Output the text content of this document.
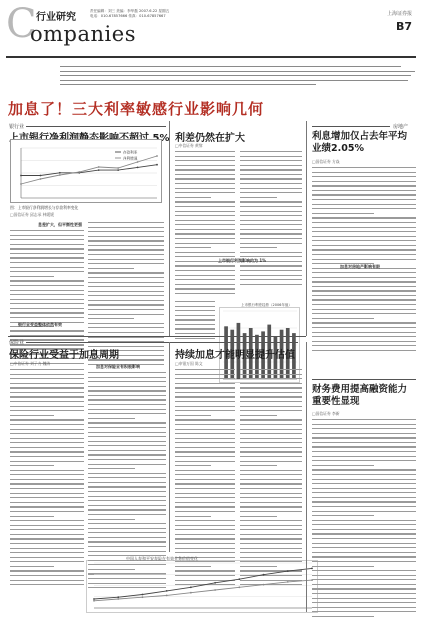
C 行业研究
ompanies
责任编辑：刘三 美编：李华磊 2007.6.22 星期五
电话：010-67857666 传真：010-67857667	上海证券报
B7
加息了！三大利率敏感行业影响几何
银行业
存款利率
净利增速
图：上市银行净利润增长与存款利率变化
□国信证券 邱志承 林媛媛
息差扩大，但平衡性更强
银行业受益整体依然有效
利差仍然在扩大
□中信证券 黄黎
上市银行利润影响约为 1%
上市银行利差趋势（2006年值）
房地产
利息增加仅占去年平均业绩2.05%
□国信证券 方焱
加息对房地产影响有限
保险业
保险行业受益于加息周期
□中信证券 刘子力 魏涛
加息对保险业有积极影响
持续加息才能明显提升估值
□申银万国 陈文
中国人寿和平安寿险在有效业务价值变化
财务费用提高融资能力重要性显现
□国信证券 李新
